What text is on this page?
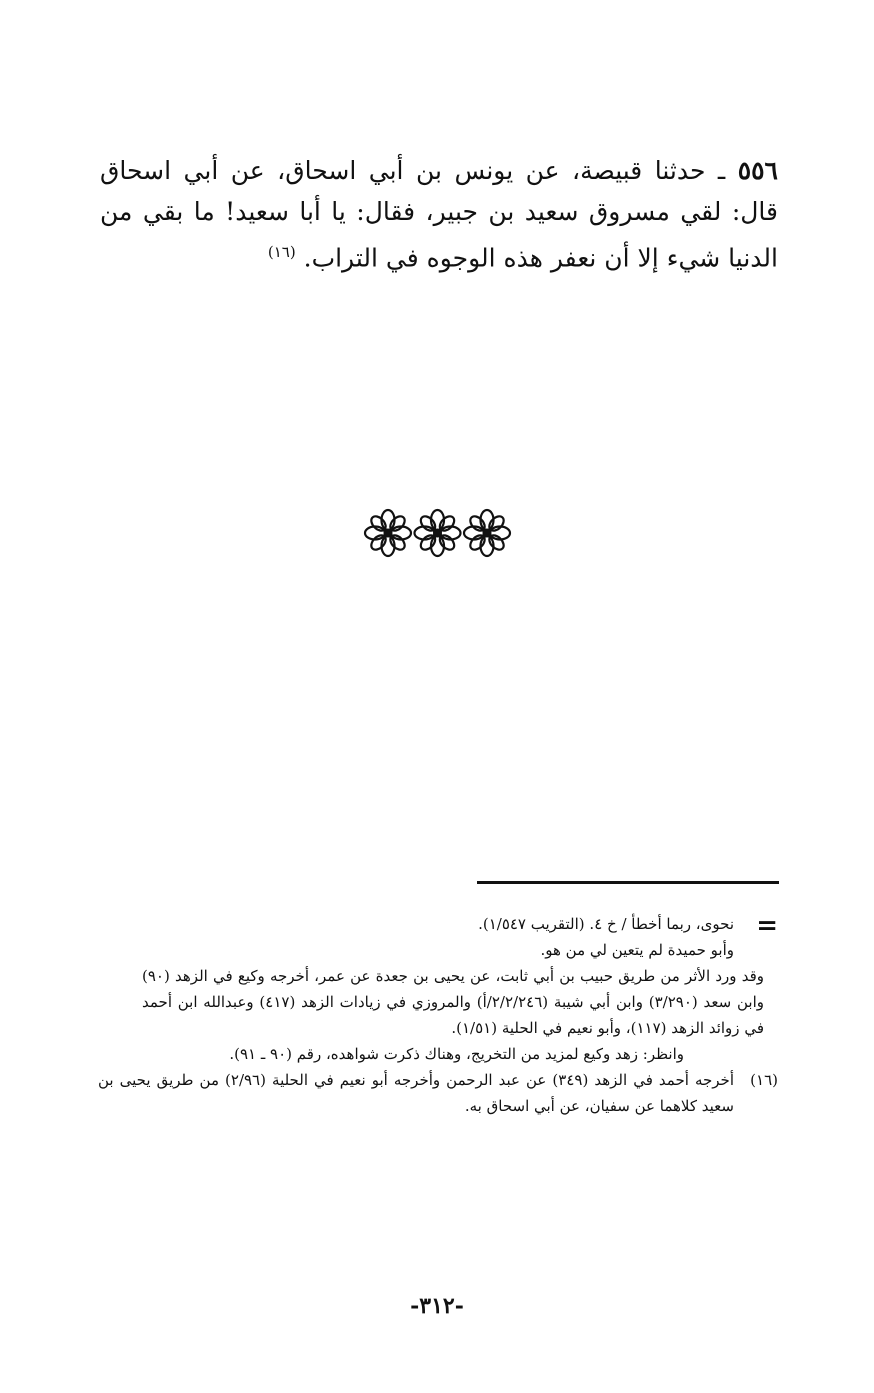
٥٥٦ ـ حدثنا قبيصة، عن يونس بن أبي اسحاق، عن أبي اسحاق قال: لقي مسروق سعيد بن جبير، فقال: يا أبا سعيد! ما بقي من الدنيا شيء إلا أن نعفر هذه الوجوه في التراب. $^{(١٦)}$
=
نحوى، ربما أخطأ / خ ٤. (التقريب ١/٥٤٧).
وأبو حميدة لم يتعين لي من هو.
وقد ورد الأثر من طريق حبيب بن أبي ثابت، عن يحيى بن جعدة عن عمر، أخرجه وكيع في الزهد (٩٠) وابن سعد (٣/٢٩٠) وابن أبي شيبة (٢/٢/٢٤٦/أ) والمروزي في زيادات الزهد (٤١٧) وعبدالله ابن أحمد في زوائد الزهد (١١٧)، وأبو نعيم في الحلية (١/٥١).
وانظر: زهد وكيع لمزيد من التخريج، وهناك ذكرت شواهده، رقم (٩٠ ـ ٩١).
(١٦)
أخرجه أحمد في الزهد (٣٤٩) عن عبد الرحمن وأخرجه أبو نعيم في الحلية (٢/٩٦) من طريق يحيى بن سعيد كلاهما عن سفيان، عن أبي اسحاق به.
-٣١٢-
